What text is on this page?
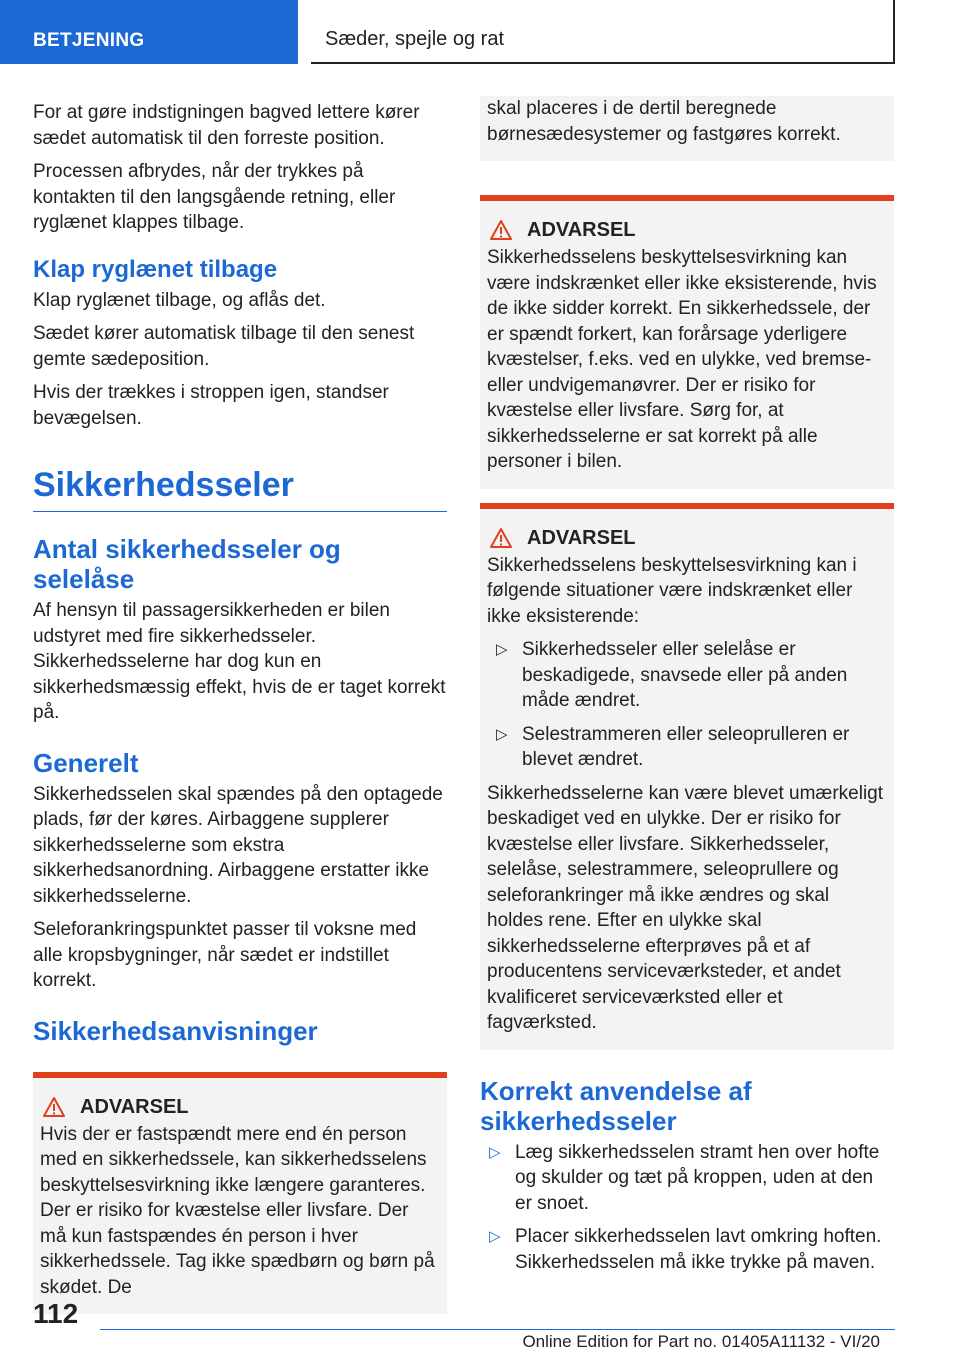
BETJENING	Sæder, spejle og rat

For at gøre indstigningen bagved lettere kører sædet automatisk til den forreste position.

Processen afbrydes, når der trykkes på kontakten til den langsgående retning, eller ryglænet klappes tilbage.

Klap ryglænet tilbage

Klap ryglænet tilbage, og aflås det.

Sædet kører automatisk tilbage til den senest gemte sædeposition.

Hvis der trækkes i stroppen igen, standser bevægelsen.

Sikkerhedsseler
Antal sikkerhedsseler og selelåse

Af hensyn til passagersikkerheden er bilen udstyret med fire sikkerhedsseler. Sikkerhedsselerne har dog kun en sikkerhedsmæssig effekt, hvis de er taget korrekt på.

Generelt

Sikkerhedsselen skal spændes på den optagede plads, før der køres. Airbaggene supplerer sikkerhedsselerne som ekstra sikkerhedsanordning. Airbaggene erstatter ikke sikkerhedsselerne.

Seleforankringspunktet passer til voksne med alle kropsbygninger, når sædet er indstillet korrekt.

Sikkerhedsanvisninger
ADVARSEL

Hvis der er fastspændt mere end én person med en sikkerhedssele, kan sikkerhedsselens beskyttelsesvirkning ikke længere garanteres. Der er risiko for kvæstelse eller livsfare. Der må kun fastspændes én person i hver sikkerhedssele. Tag ikke spædbørn og børn på skødet. De

skal placeres i de dertil beregnede børnesædesystemer og fastgøres korrekt.

ADVARSEL

Sikkerhedsselens beskyttelsesvirkning kan være indskrænket eller ikke eksisterende, hvis de ikke sidder korrekt. En sikkerhedssele, der er spændt forkert, kan forårsage yderligere kvæstelser, f.eks. ved en ulykke, ved bremse- eller undvigemanøvrer. Der er risiko for kvæstelse eller livsfare. Sørg for, at sikkerhedsselerne er sat korrekt på alle personer i bilen.

ADVARSEL

Sikkerhedsselens beskyttelsesvirkning kan i følgende situationer være indskrænket eller ikke eksisterende:

▷ Sikkerhedsseler eller selelåse er beskadigede, snavsede eller på anden måde ændret.
▷ Selestrammeren eller seleoprulleren er blevet ændret.

Sikkerhedsselerne kan være blevet umærkeligt beskadiget ved en ulykke. Der er risiko for kvæstelse eller livsfare. Sikkerhedsseler, selelåse, selestrammere, seleoprullere og seleforankringer må ikke ændres og skal holdes rene. Efter en ulykke skal sikkerhedsselerne efterprøves på et af producentens serviceværksteder, et andet kvalificeret serviceværksted eller et fagværksted.

Korrekt anvendelse af sikkerhedsseler
▷ Læg sikkerhedsselen stramt hen over hofte og skulder og tæt på kroppen, uden at den er snoet.
▷ Placer sikkerhedsselen lavt omkring hoften. Sikkerhedsselen må ikke trykke på maven.
112
Online Edition for Part no. 01405A11132 - VI/20
